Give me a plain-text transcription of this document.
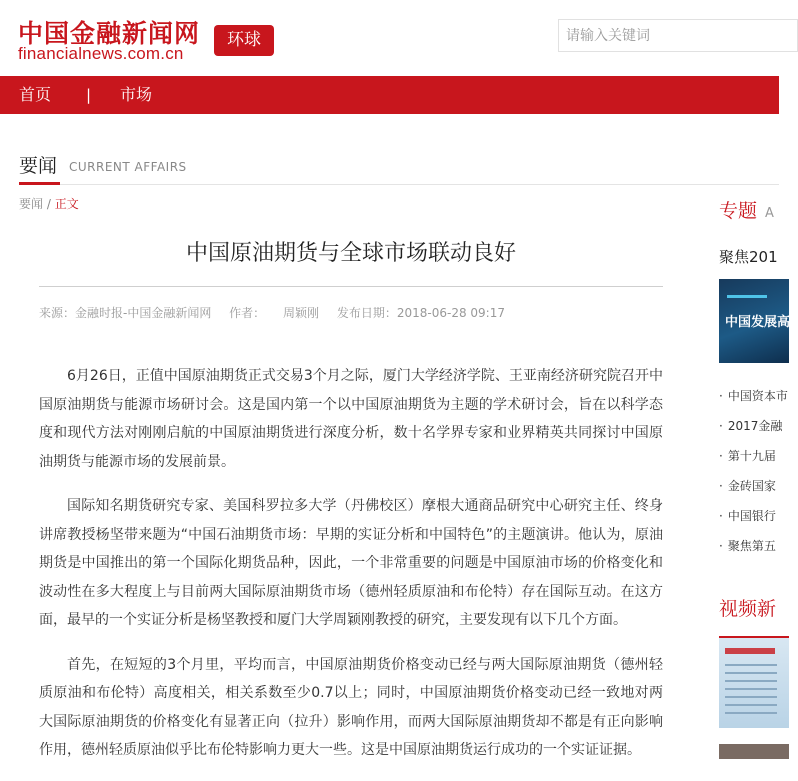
中国金融新闻网
financialnews.com.cn
环球
请输入关键词
首页 | 市场
要闻 CURRENT AFFAIRS
要闻 / 正文
中国原油期货与全球市场联动良好
来源：金融时报-中国金融新闻网 作者： 周颖刚 发布日期：2018-06-28 09:17

6月26日，正值中国原油期货正式交易3个月之际，厦门大学经济学院、王亚南经济研究院召开中国原油期货与能源市场研讨会。这是国内第一个以中国原油期货为主题的学术研讨会，旨在以科学态度和现代方法对刚刚启航的中国原油期货进行深度分析，数十名学界专家和业界精英共同探讨中国原油期货与能源市场的发展前景。

国际知名期货研究专家、美国科罗拉多大学（丹佛校区）摩根大通商品研究中心研究主任、终身讲席教授杨坚带来题为“中国石油期货市场：早期的实证分析和中国特色”的主题演讲。他认为，原油期货是中国推出的第一个国际化期货品种，因此，一个非常重要的问题是中国原油市场的价格变化和波动性在多大程度上与目前两大国际原油期货市场（德州轻质原油和布伦特）存在国际互动。在这方面，最早的一个实证分析是杨坚教授和厦门大学周颖刚教授的研究，主要发现有以下几个方面。

首先，在短短的3个月里，平均而言，中国原油期货价格变动已经与两大国际原油期货（德州轻质原油和布伦特）高度相关，相关系数至少0.7以上；同时，中国原油期货价格变动已经一致地对两大国际原油期货的价格变化有显著正向（拉升）影响作用，而两大国际原油期货却不都是有正向影响作用，德州轻质原油似乎比布伦特影响力更大一些。这是中国原油期货运行成功的一个实证证据。

专题 A
聚焦201
中国发展高
· 中国资本市
· 2017金融
· 第十九届
· 金砖国家
· 中国银行
· 聚焦第五
视频新
